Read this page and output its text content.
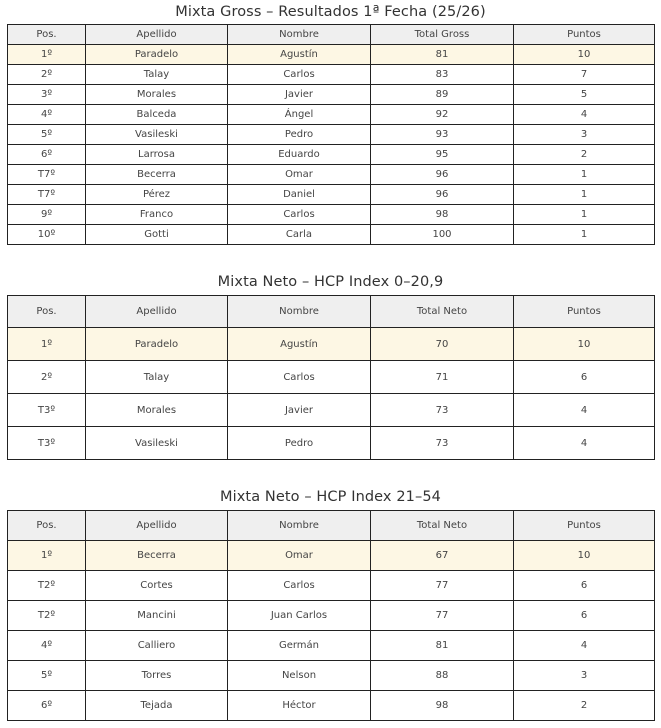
Mixta Gross – Resultados 1ª Fecha (25/26)
Pos.	Apellido	Nombre	Total Gross	Puntos
1º	Paradelo	Agustín	81	10
2º	Talay	Carlos	83	7
3º	Morales	Javier	89	5
4º	Balceda	Ángel	92	4
5º	Vasileski	Pedro	93	3
6º	Larrosa	Eduardo	95	2
T7º	Becerra	Omar	96	1
T7º	Pérez	Daniel	96	1
9º	Franco	Carlos	98	1
10º	Gotti	Carla	100	1
Mixta Neto – HCP Index 0–20,9
Pos.	Apellido	Nombre	Total Neto	Puntos
1º	Paradelo	Agustín	70	10
2º	Talay	Carlos	71	6
T3º	Morales	Javier	73	4
T3º	Vasileski	Pedro	73	4
Mixta Neto – HCP Index 21–54
Pos.	Apellido	Nombre	Total Neto	Puntos
1º	Becerra	Omar	67	10
T2º	Cortes	Carlos	77	6
T2º	Mancini	Juan Carlos	77	6
4º	Calliero	Germán	81	4
5º	Torres	Nelson	88	3
6º	Tejada	Héctor	98	2
